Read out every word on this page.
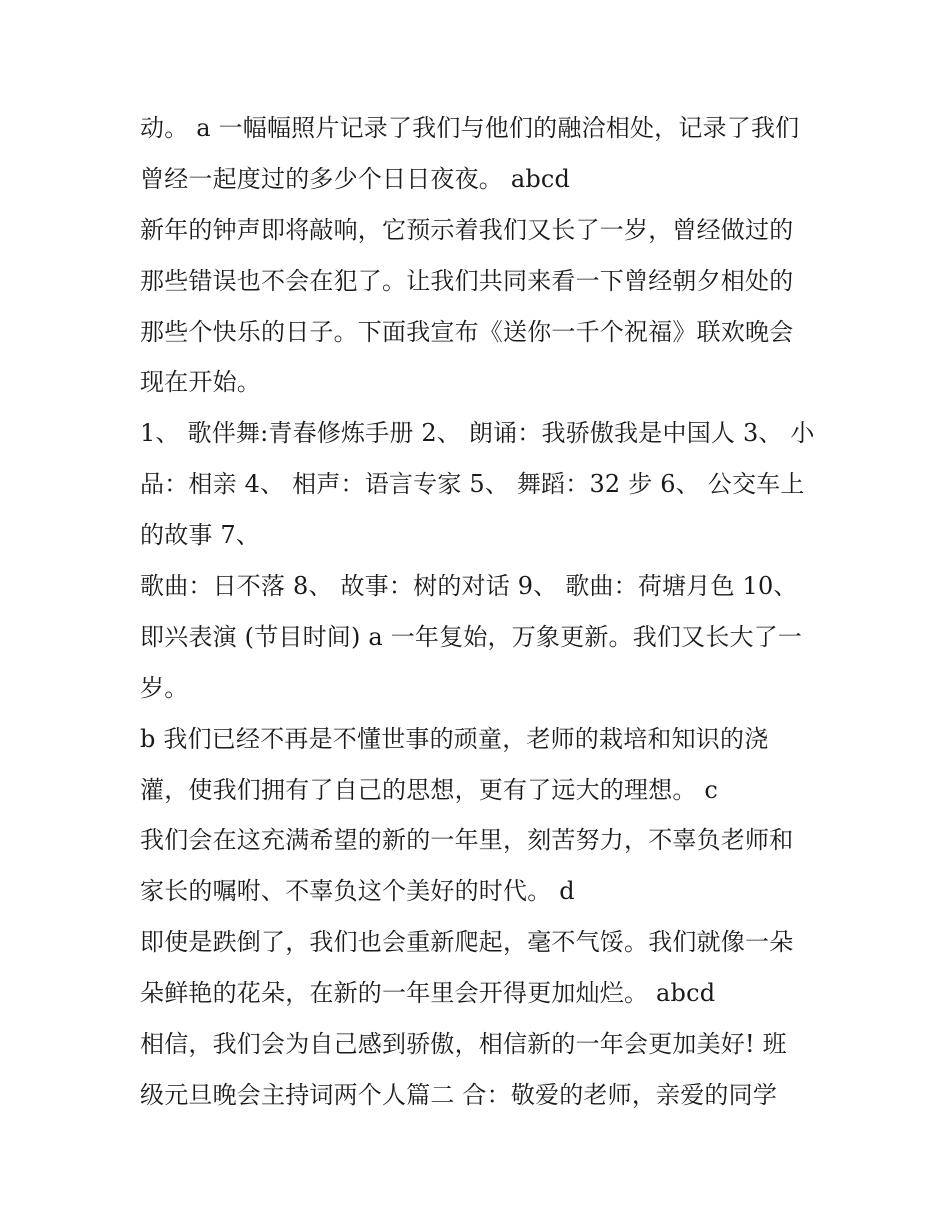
动。 a 一幅幅照片记录了我们与他们的融洽相处，记录了我们
曾经一起度过的多少个日日夜夜。 abcd
新年的钟声即将敲响，它预示着我们又长了一岁，曾经做过的
那些错误也不会在犯了。让我们共同来看一下曾经朝夕相处的
那些个快乐的日子。下面我宣布《送你一千个祝福》联欢晚会
现在开始。
1、 歌伴舞:青春修炼手册 2、 朗诵：我骄傲我是中国人 3、 小
品：相亲 4、 相声：语言专家 5、 舞蹈：32 步 6、 公交车上
的故事 7、
歌曲：日不落 8、 故事：树的对话 9、 歌曲：荷塘月色 10、
即兴表演 (节目时间) a 一年复始，万象更新。我们又长大了一
岁。
b 我们已经不再是不懂世事的顽童，老师的栽培和知识的浇
灌，使我们拥有了自己的思想，更有了远大的理想。 c
我们会在这充满希望的新的一年里，刻苦努力，不辜负老师和
家长的嘱咐、不辜负这个美好的时代。 d
即使是跌倒了，我们也会重新爬起，毫不气馁。我们就像一朵
朵鲜艳的花朵，在新的一年里会开得更加灿烂。 abcd
相信，我们会为自己感到骄傲，相信新的一年会更加美好! 班
级元旦晚会主持词两个人篇二 合：敬爱的老师，亲爱的同学
